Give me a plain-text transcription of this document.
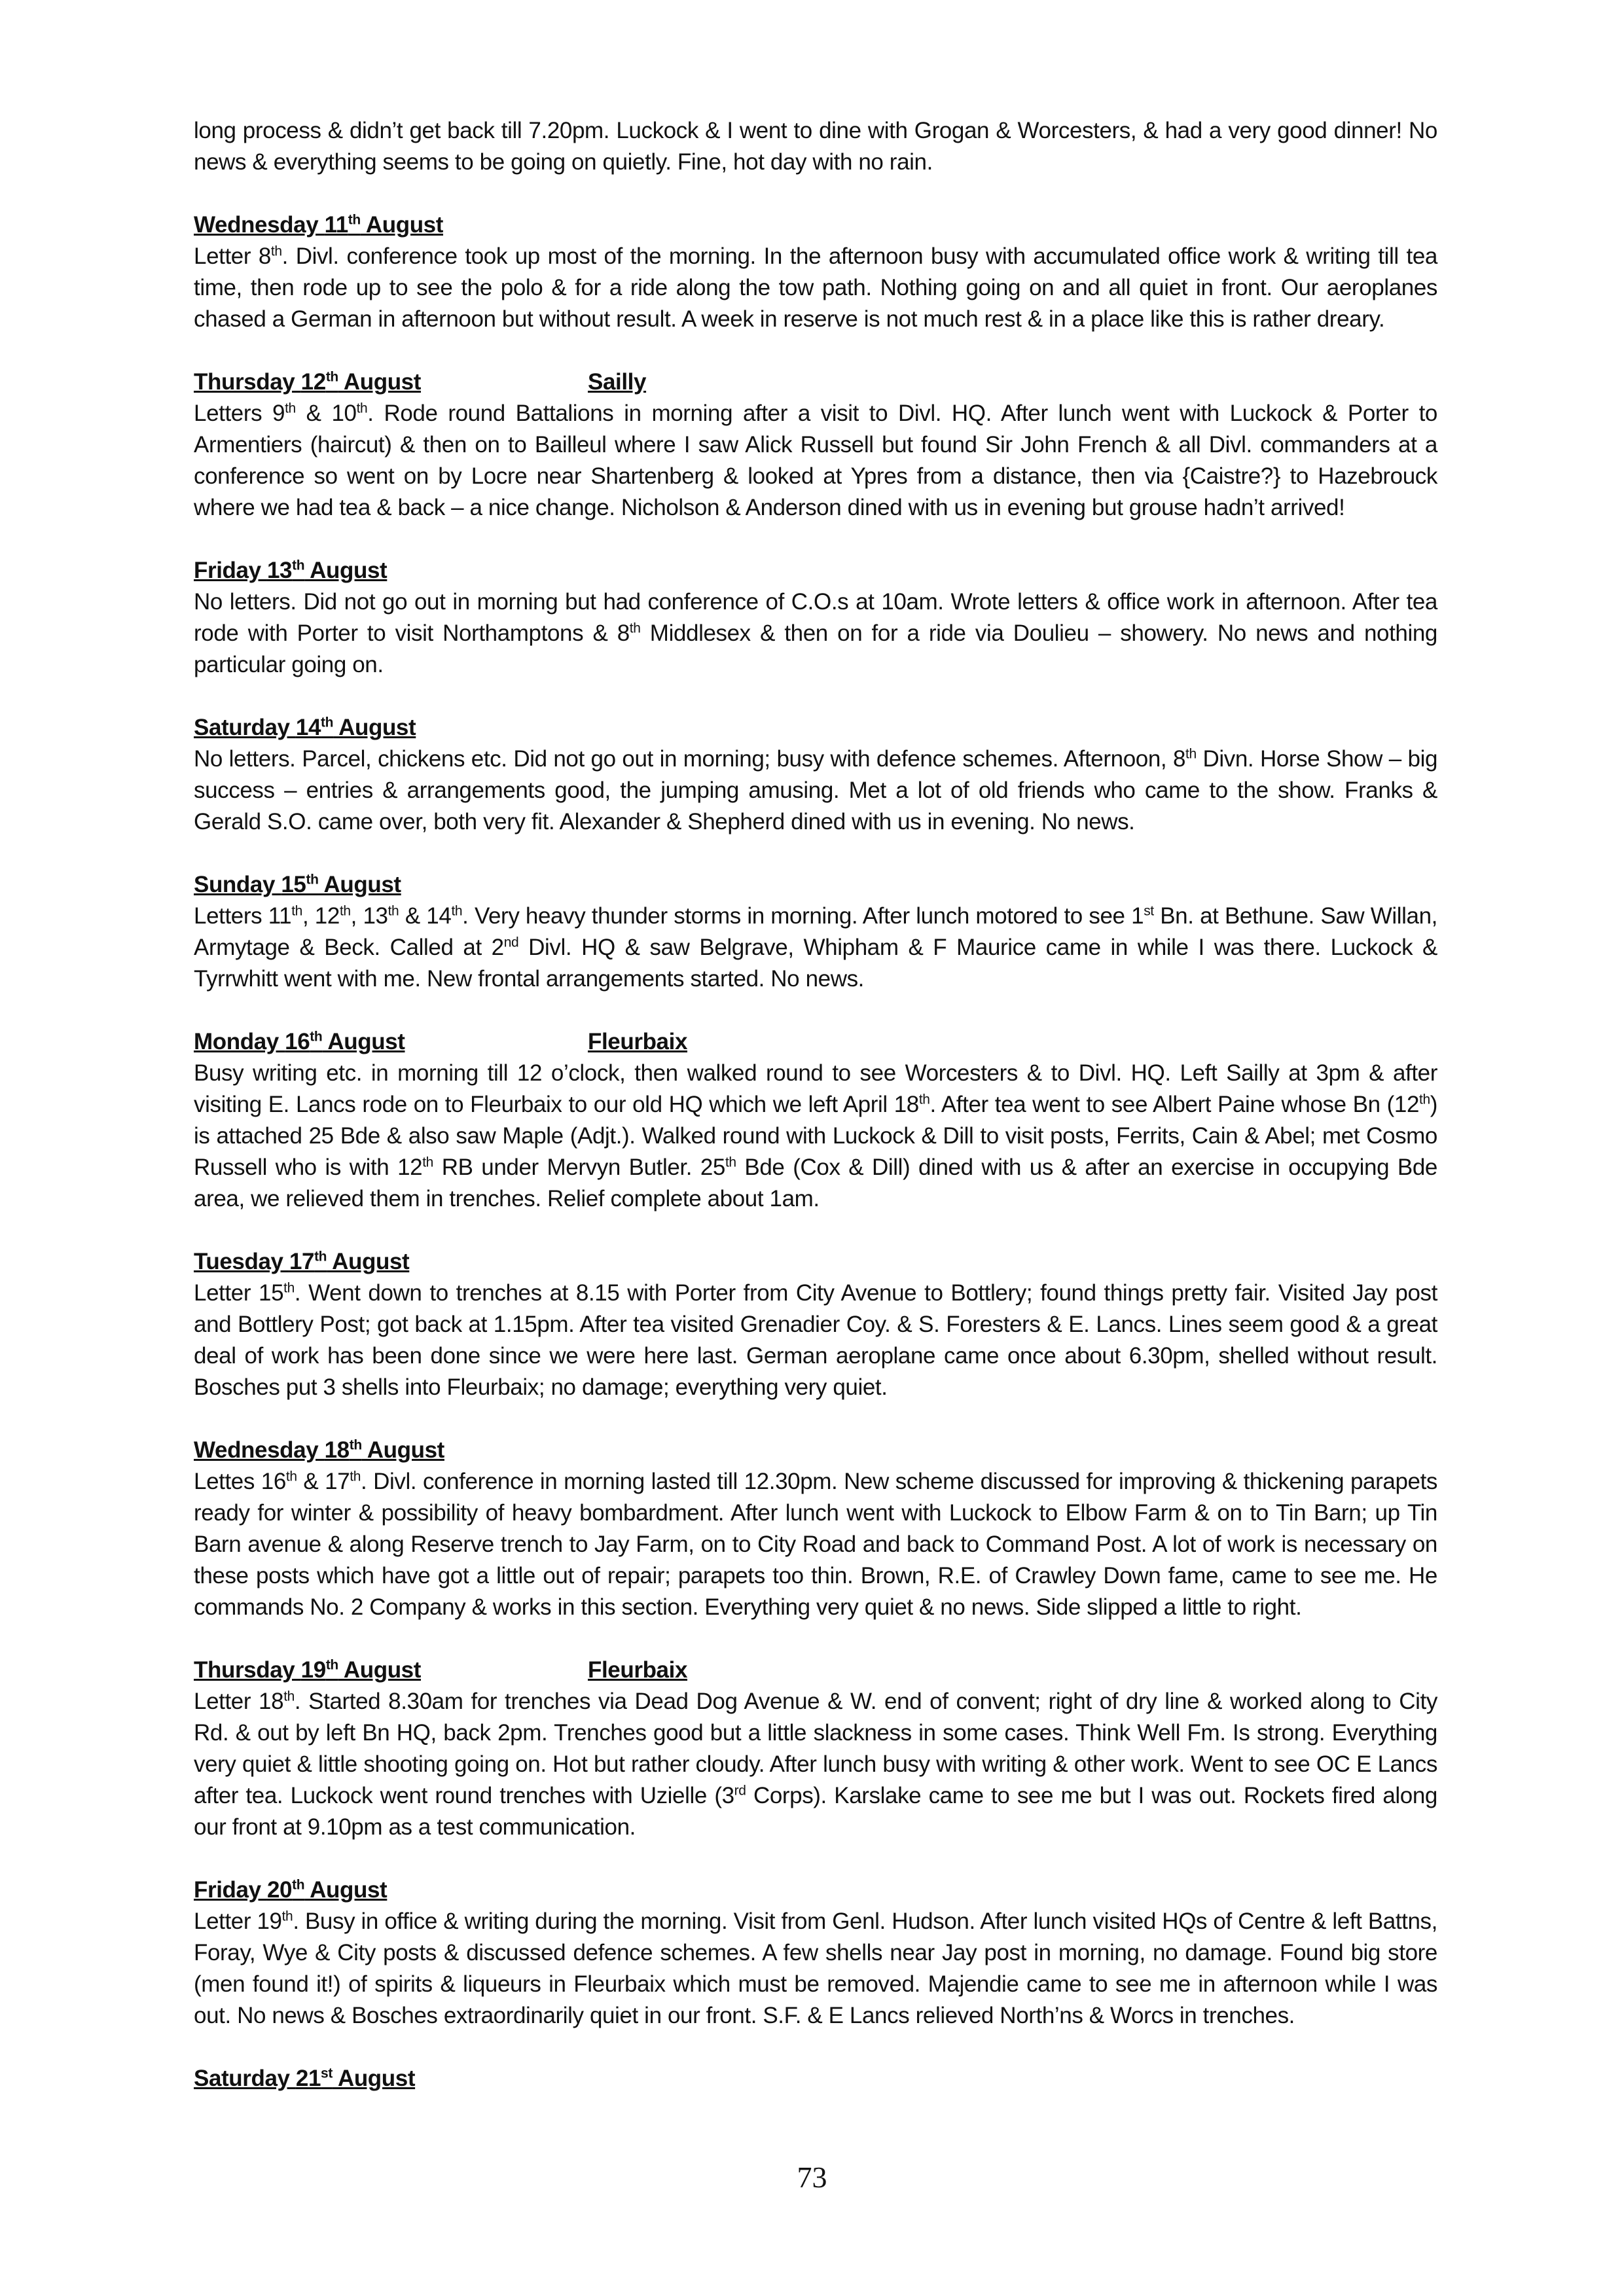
long process & didn’t get back till 7.20pm. Luckock & I went to dine with Grogan & Worcesters, & had a very good dinner! No news & everything seems to be going on quietly. Fine, hot day with no rain.

Wednesday 11th August

Letter 8th. Divl. conference took up most of the morning. In the afternoon busy with accumulated office work & writing till tea time, then rode up to see the polo & for a ride along the tow path. Nothing going on and all quiet in front. Our aeroplanes chased a German in afternoon but without result. A week in reserve is not much rest & in a place like this is rather dreary.

Thursday 12th August	Sailly

Letters 9th & 10th. Rode round Battalions in morning after a visit to Divl. HQ. After lunch went with Luckock & Porter to Armentiers (haircut) & then on to Bailleul where I saw Alick Russell but found Sir John French & all Divl. commanders at a conference so went on by Locre near Shartenberg & looked at Ypres from a distance, then via {Caistre?} to Hazebrouck where we had tea & back – a nice change. Nicholson & Anderson dined with us in evening but grouse hadn’t arrived!

Friday 13th August

No letters. Did not go out in morning but had conference of C.O.s at 10am. Wrote letters & office work in afternoon. After tea rode with Porter to visit Northamptons & 8th Middlesex & then on for a ride via Doulieu – showery. No news and nothing particular going on.

Saturday 14th August

No letters. Parcel, chickens etc. Did not go out in morning; busy with defence schemes. Afternoon, 8th Divn. Horse Show – big success – entries & arrangements good, the jumping amusing. Met a lot of old friends who came to the show. Franks & Gerald S.O. came over, both very fit. Alexander & Shepherd dined with us in evening. No news.

Sunday 15th August

Letters 11th, 12th, 13th & 14th. Very heavy thunder storms in morning. After lunch motored to see 1st Bn. at Bethune. Saw Willan, Armytage & Beck. Called at 2nd Divl. HQ & saw Belgrave, Whipham & F Maurice came in while I was there. Luckock & Tyrrwhitt went with me. New frontal arrangements started. No news.

Monday 16th August	Fleurbaix

Busy writing etc. in morning till 12 o’clock, then walked round to see Worcesters & to Divl. HQ. Left Sailly at 3pm & after visiting E. Lancs rode on to Fleurbaix to our old HQ which we left April 18th. After tea went to see Albert Paine whose Bn (12th) is attached 25 Bde & also saw Maple (Adjt.). Walked round with Luckock & Dill to visit posts, Ferrits, Cain & Abel; met Cosmo Russell who is with 12th RB under Mervyn Butler. 25th Bde (Cox & Dill) dined with us & after an exercise in occupying Bde area, we relieved them in trenches. Relief complete about 1am.

Tuesday 17th August

Letter 15th. Went down to trenches at 8.15 with Porter from City Avenue to Bottlery; found things pretty fair. Visited Jay post and Bottlery Post; got back at 1.15pm. After tea visited Grenadier Coy. & S. Foresters & E. Lancs. Lines seem good & a great deal of work has been done since we were here last. German aeroplane came once about 6.30pm, shelled without result. Bosches put 3 shells into Fleurbaix; no damage; everything very quiet.

Wednesday 18th August

Lettes 16th & 17th. Divl. conference in morning lasted till 12.30pm. New scheme discussed for improving & thickening parapets ready for winter & possibility of heavy bombardment. After lunch went with Luckock to Elbow Farm & on to Tin Barn; up Tin Barn avenue & along Reserve trench to Jay Farm, on to City Road and back to Command Post. A lot of work is necessary on these posts which have got a little out of repair; parapets too thin. Brown, R.E. of Crawley Down fame, came to see me. He commands No. 2 Company & works in this section. Everything very quiet & no news. Side slipped a little to right.

Thursday 19th August	Fleurbaix

Letter 18th. Started 8.30am for trenches via Dead Dog Avenue & W. end of convent; right of dry line & worked along to City Rd. & out by left Bn HQ, back 2pm. Trenches good but a little slackness in some cases. Think Well Fm. Is strong. Everything very quiet & little shooting going on. Hot but rather cloudy. After lunch busy with writing & other work. Went to see OC E Lancs after tea. Luckock went round trenches with Uzielle (3rd Corps). Karslake came to see me but I was out. Rockets fired along our front at 9.10pm as a test communication.

Friday 20th August

Letter 19th. Busy in office & writing during the morning. Visit from Genl. Hudson. After lunch visited HQs of Centre & left Battns, Foray, Wye & City posts & discussed defence schemes. A few shells near Jay post in morning, no damage. Found big store (men found it!) of spirits & liqueurs in Fleurbaix which must be removed. Majendie came to see me in afternoon while I was out. No news & Bosches extraordinarily quiet in our front. S.F. & E Lancs relieved North’ns & Worcs in trenches.

Saturday 21st August
73
